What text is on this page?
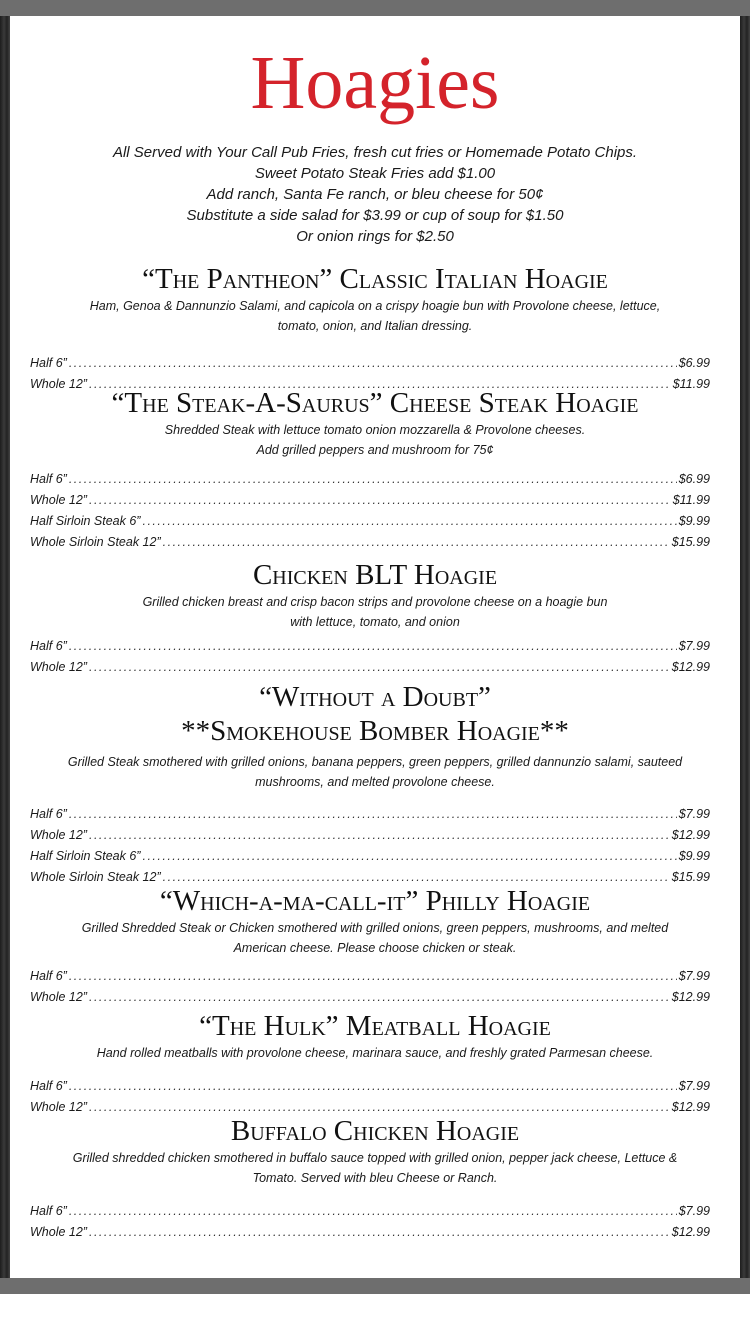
Hoagies
All Served with Your Call Pub Fries, fresh cut fries or Homemade Potato Chips.
Sweet Potato Steak Fries add $1.00
Add ranch, Santa Fe ranch, or bleu cheese for 50¢
Substitute a side salad for $3.99 or cup of soup for $1.50
Or onion rings for $2.50
“The Pantheon” Classic Italian Hoagie
Ham, Genoa & Dannunzio Salami, and capicola on a crispy hoagie bun with Provolone cheese, lettuce,
tomato, onion, and Italian dressing.
Half 6” .....	$6.99
Whole 12” .....	$11.99
“The Steak-A-Saurus” Cheese Steak Hoagie
Shredded Steak with lettuce tomato onion mozzarella & Provolone cheeses.
Add grilled peppers and mushroom for 75¢
Half 6” .....	$6.99
Whole 12” .....	$11.99
Half Sirloin Steak 6” .....	$9.99
Whole Sirloin Steak 12” .....	$15.99
Chicken BLT Hoagie
Grilled chicken breast and crisp bacon strips and provolone cheese on a hoagie bun
with lettuce, tomato, and onion
Half 6” .....	$7.99
Whole 12” .....	$12.99
“Without a Doubt”
**Smokehouse Bomber Hoagie**
Grilled Steak smothered with grilled onions, banana peppers, green peppers, grilled dannunzio salami, sauteed
mushrooms, and melted provolone cheese.
Half 6” .....	$7.99
Whole 12” .....	$12.99
Half Sirloin Steak 6” .....	$9.99
Whole Sirloin Steak 12” .....	$15.99
“Which-a-ma-call-it” Philly Hoagie
Grilled Shredded Steak or Chicken smothered with grilled onions, green peppers, mushrooms, and melted
American cheese. Please choose chicken or steak.
Half 6” .....	$7.99
Whole 12” .....	$12.99
“The Hulk” Meatball Hoagie
Hand rolled meatballs with provolone cheese, marinara sauce, and freshly grated Parmesan cheese.
Half 6” .....	$7.99
Whole 12” .....	$12.99
Buffalo Chicken Hoagie
Grilled shredded chicken smothered in buffalo sauce topped with grilled onion, pepper jack cheese, Lettuce &
Tomato. Served with bleu Cheese or Ranch.
Half 6” .....	$7.99
Whole 12” .....	$12.99
